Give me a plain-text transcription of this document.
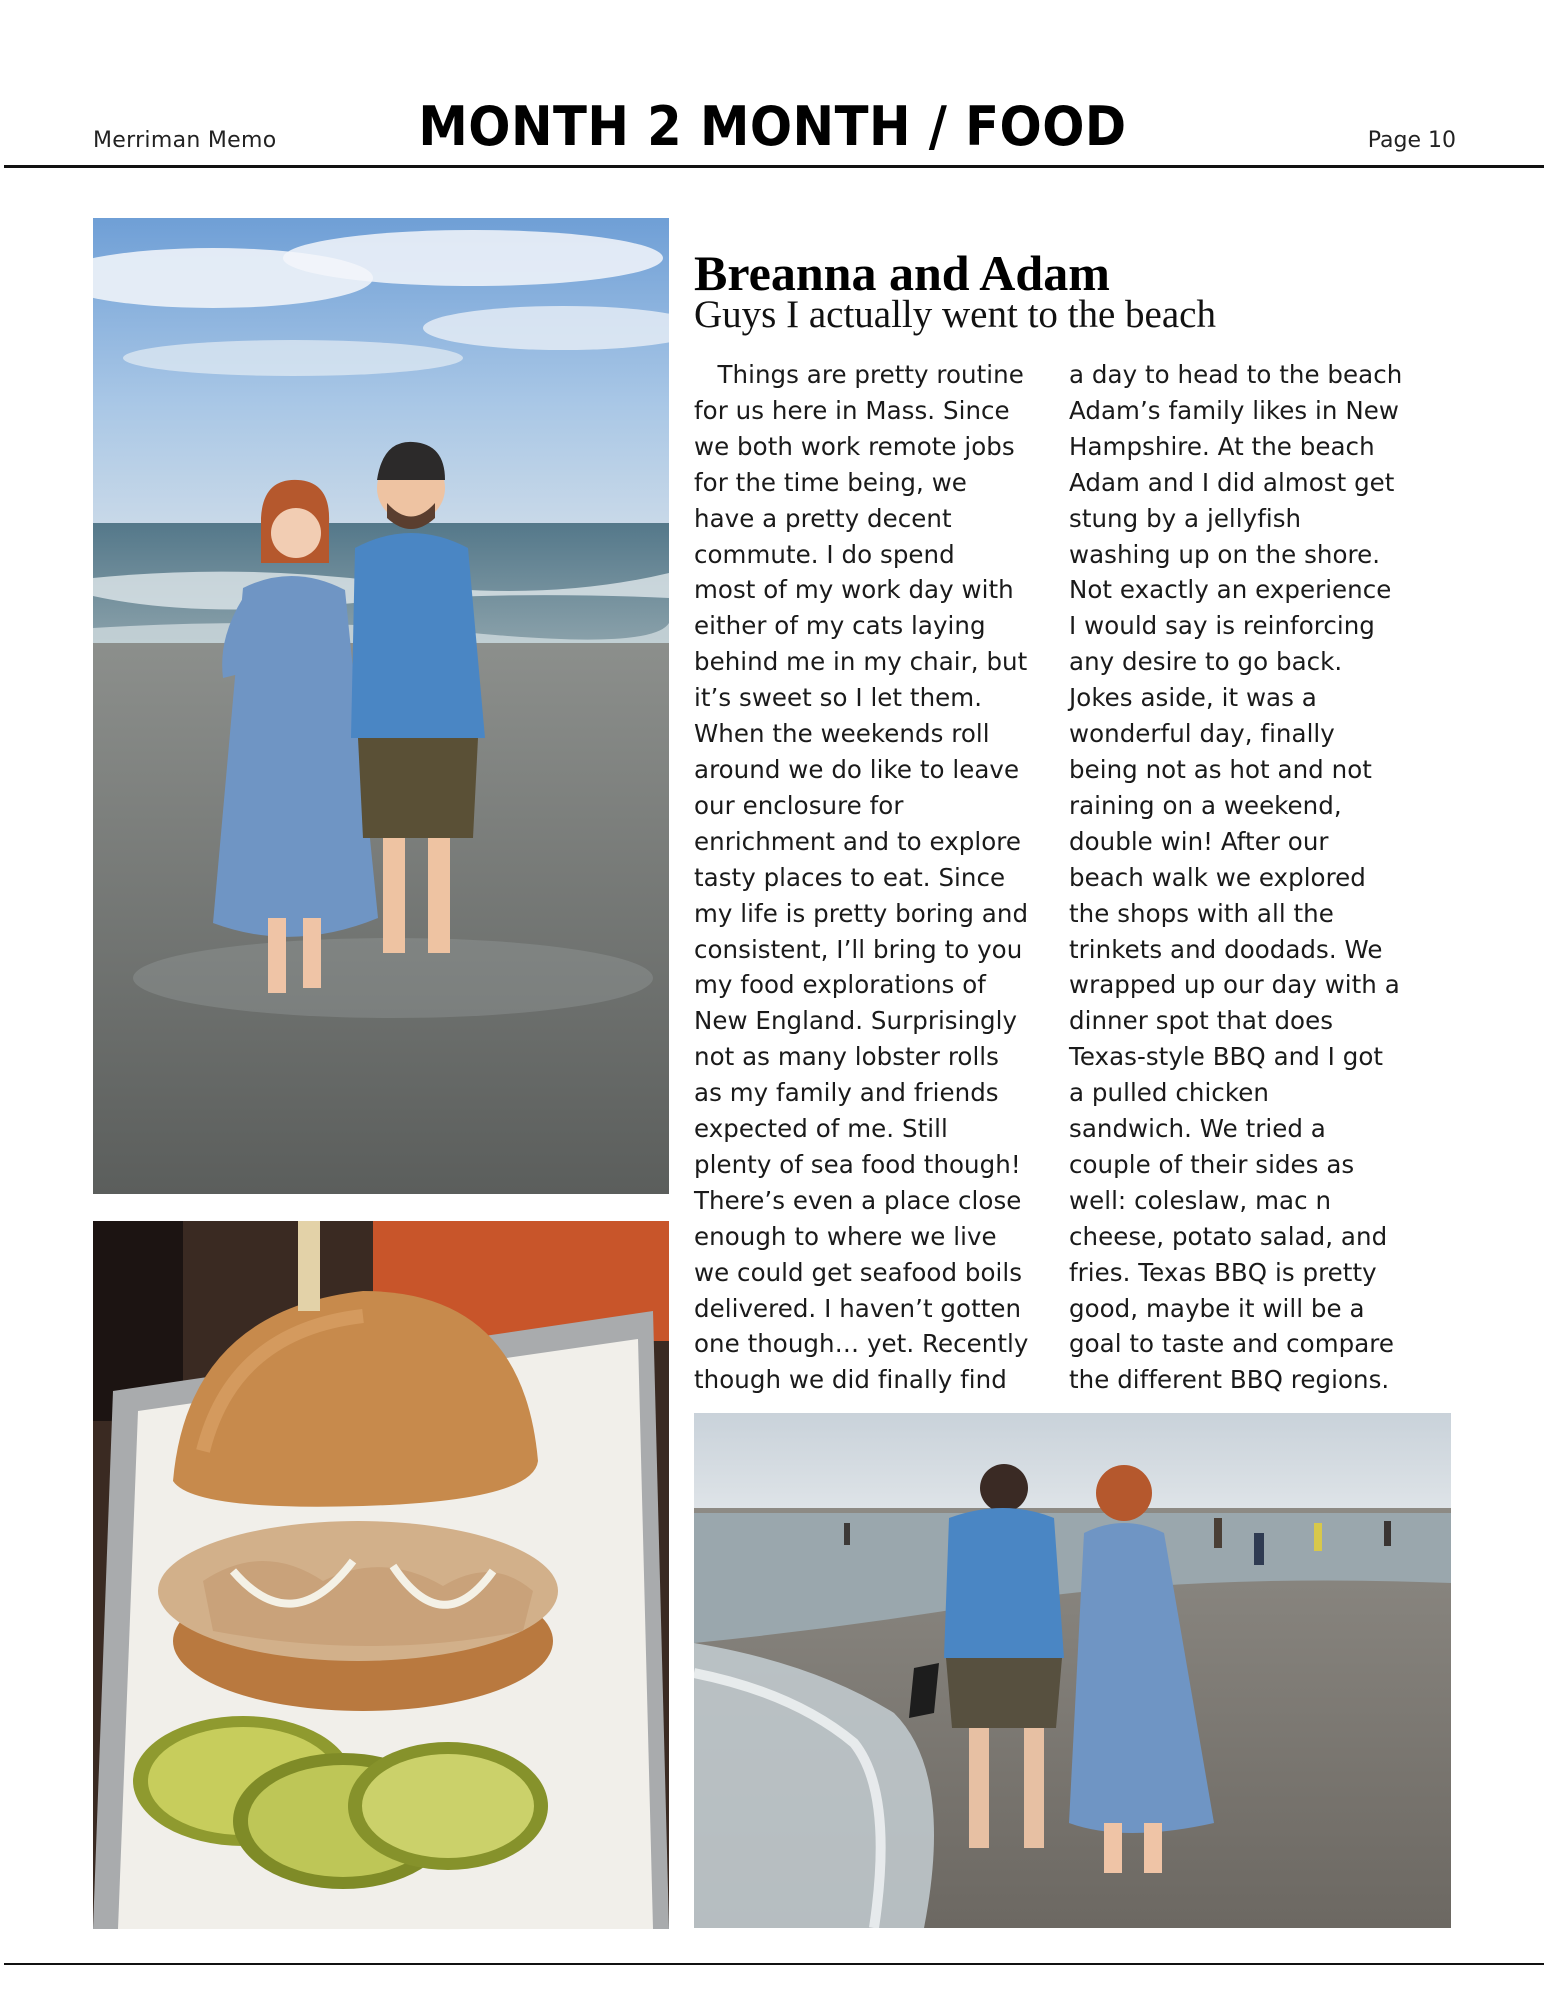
Merriman Memo	MONTH 2 MONTH / FOOD	Page 10
Breanna and Adam
Guys I actually went to the beach
Things are pretty routine
for us here in Mass. Since
we both work remote jobs
for the time being, we
have a pretty decent
commute. I do spend
most of my work day with
either of my cats laying
behind me in my chair, but
it’s sweet so I let them.
When the weekends roll
around we do like to leave
our enclosure for
enrichment and to explore
tasty places to eat. Since
my life is pretty boring and
consistent, I’ll bring to you
my food explorations of
New England. Surprisingly
not as many lobster rolls
as my family and friends
expected of me. Still
plenty of sea food though!
There’s even a place close
enough to where we live
we could get seafood boils
delivered. I haven’t gotten
one though… yet. Recently
though we did finally find
a day to head to the beach
Adam’s family likes in New
Hampshire. At the beach
Adam and I did almost get
stung by a jellyfish
washing up on the shore.
Not exactly an experience
I would say is reinforcing
any desire to go back.
Jokes aside, it was a
wonderful day, finally
being not as hot and not
raining on a weekend,
double win! After our
beach walk we explored
the shops with all the
trinkets and doodads. We
wrapped up our day with a
dinner spot that does
Texas-style BBQ and I got
a pulled chicken
sandwich. We tried a
couple of their sides as
well: coleslaw, mac n
cheese, potato salad, and
fries. Texas BBQ is pretty
good, maybe it will be a
goal to taste and compare
the different BBQ regions.
